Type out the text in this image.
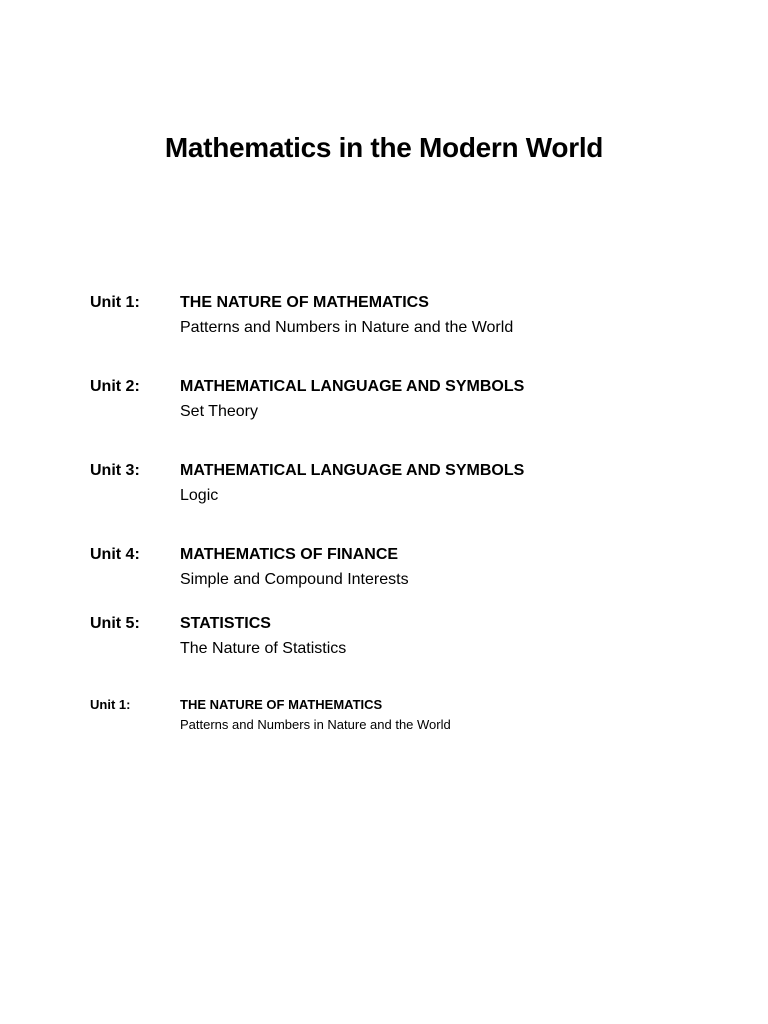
Mathematics in the Modern World
Unit 1:	THE NATURE OF MATHEMATICS
Patterns and Numbers in Nature and the World
Unit 2:	MATHEMATICAL LANGUAGE AND SYMBOLS
Set Theory
Unit 3:	MATHEMATICAL LANGUAGE AND SYMBOLS
Logic
Unit 4:	MATHEMATICS OF FINANCE
Simple and Compound Interests
Unit 5:	STATISTICS
The Nature of Statistics
Unit 1:	THE NATURE OF MATHEMATICS
Patterns and Numbers in Nature and the World
